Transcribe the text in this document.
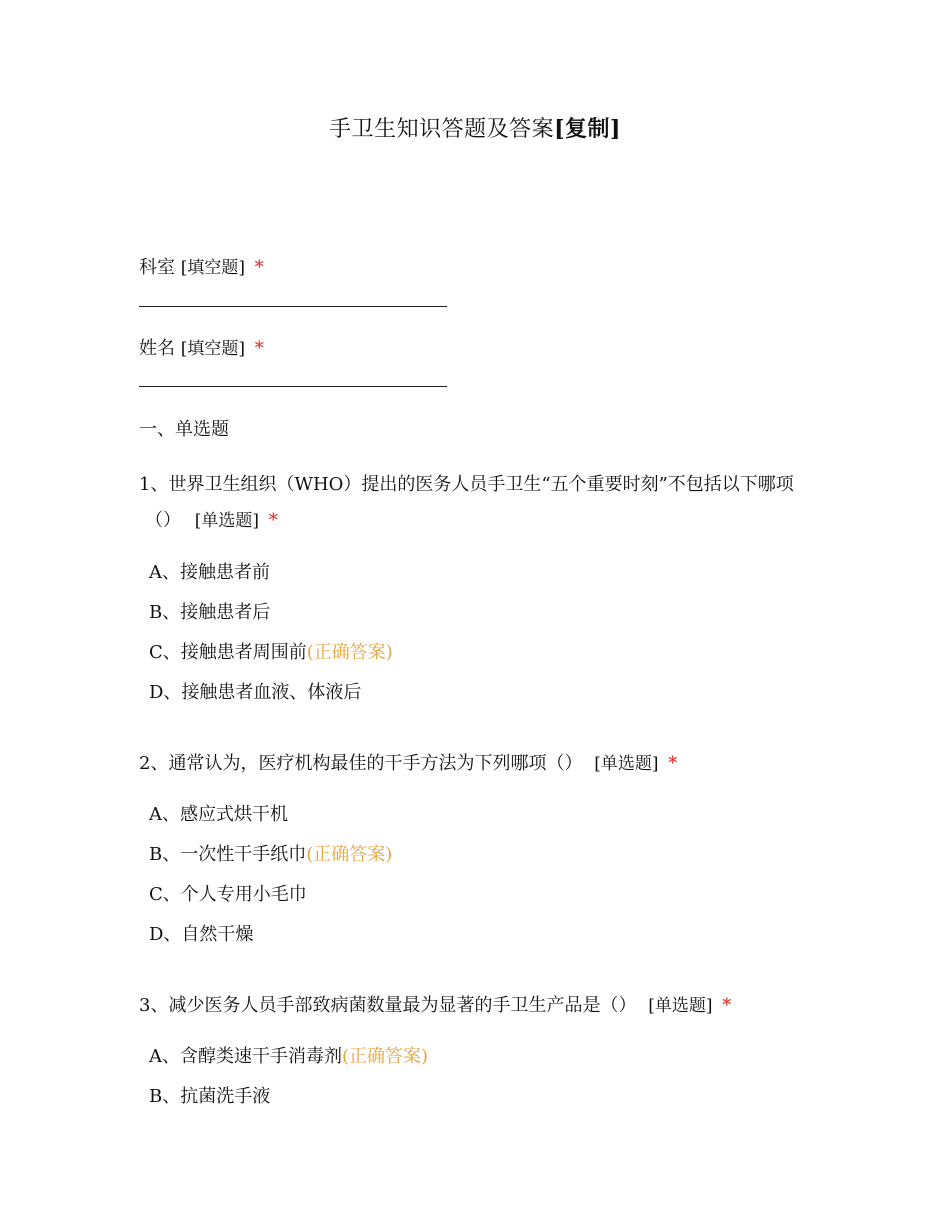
手卫生知识答题及答案[复制]
科室 [填空题] *
姓名 [填空题] *
一、单选题
1、世界卫生组织（WHO）提出的医务人员手卫生“五个重要时刻”不包括以下哪项
（） [单选题] *
A、接触患者前
B、接触患者后
C、接触患者周围前(正确答案)
D、接触患者血液、体液后
2、通常认为，医疗机构最佳的干手方法为下列哪项（） [单选题] *
A、感应式烘干机
B、一次性干手纸巾(正确答案)
C、个人专用小毛巾
D、自然干燥
3、减少医务人员手部致病菌数量最为显著的手卫生产品是（） [单选题] *
A、含醇类速干手消毒剂(正确答案)
B、抗菌洗手液
